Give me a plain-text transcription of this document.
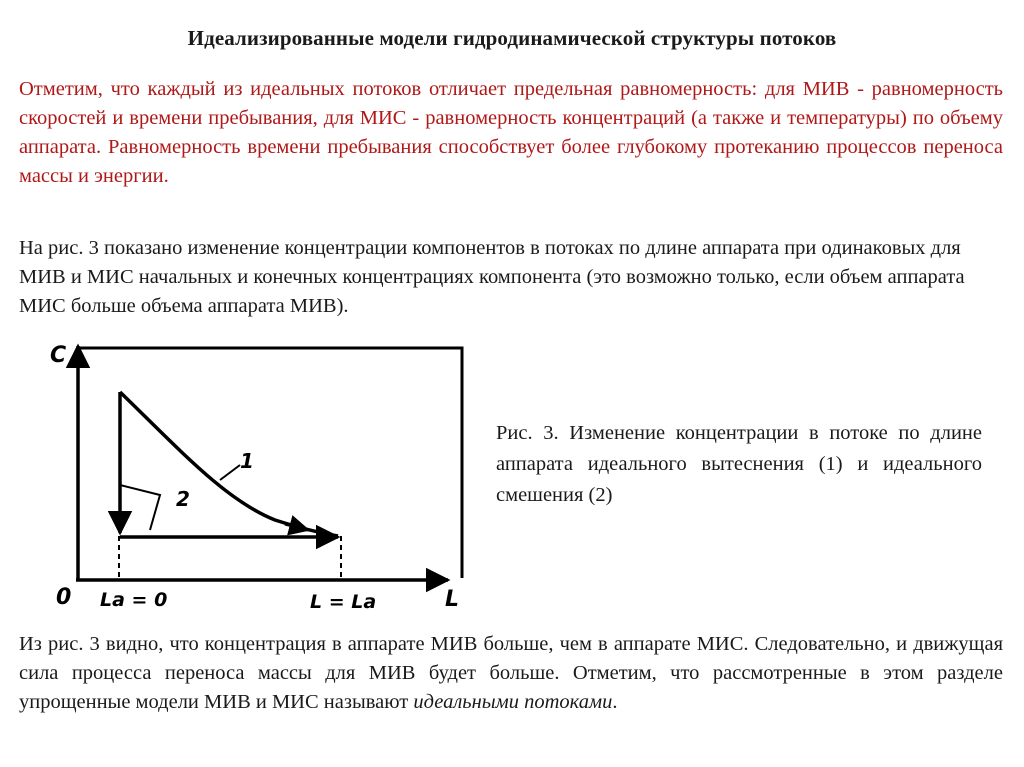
Идеализированные модели гидродинамической структуры потоков

Отметим, что каждый из идеальных потоков отличает предельная равномерность: для МИВ - равномерность скоростей и времени пребывания, для МИС - равномерность концентраций (а также и температуры) по объему аппарата. Равномерность времени пребывания способствует более глубокому протеканию процессов переноса массы и энергии.

На рис. 3 показано изменение концентрации компонентов в потоках по длине аппарата при одинаковых для МИВ и МИС начальных и конечных концентрациях компонента (это возможно только, если объем аппарата МИС больше объема аппарата МИВ).

C
0 Lа = 0	L = Lа	L
1
2
Рис. 3. Изменение концентрации в потоке по длине аппарата идеального вытеснения (1) и идеального смешения (2)

Из рис. 3 видно, что концентрация в аппарате МИВ больше, чем в аппарате МИС. Следовательно, и движущая сила процесса переноса массы для МИВ будет больше. Отметим, что рассмотренные в этом разделе упрощенные модели МИВ и МИС называют идеальными потоками.
